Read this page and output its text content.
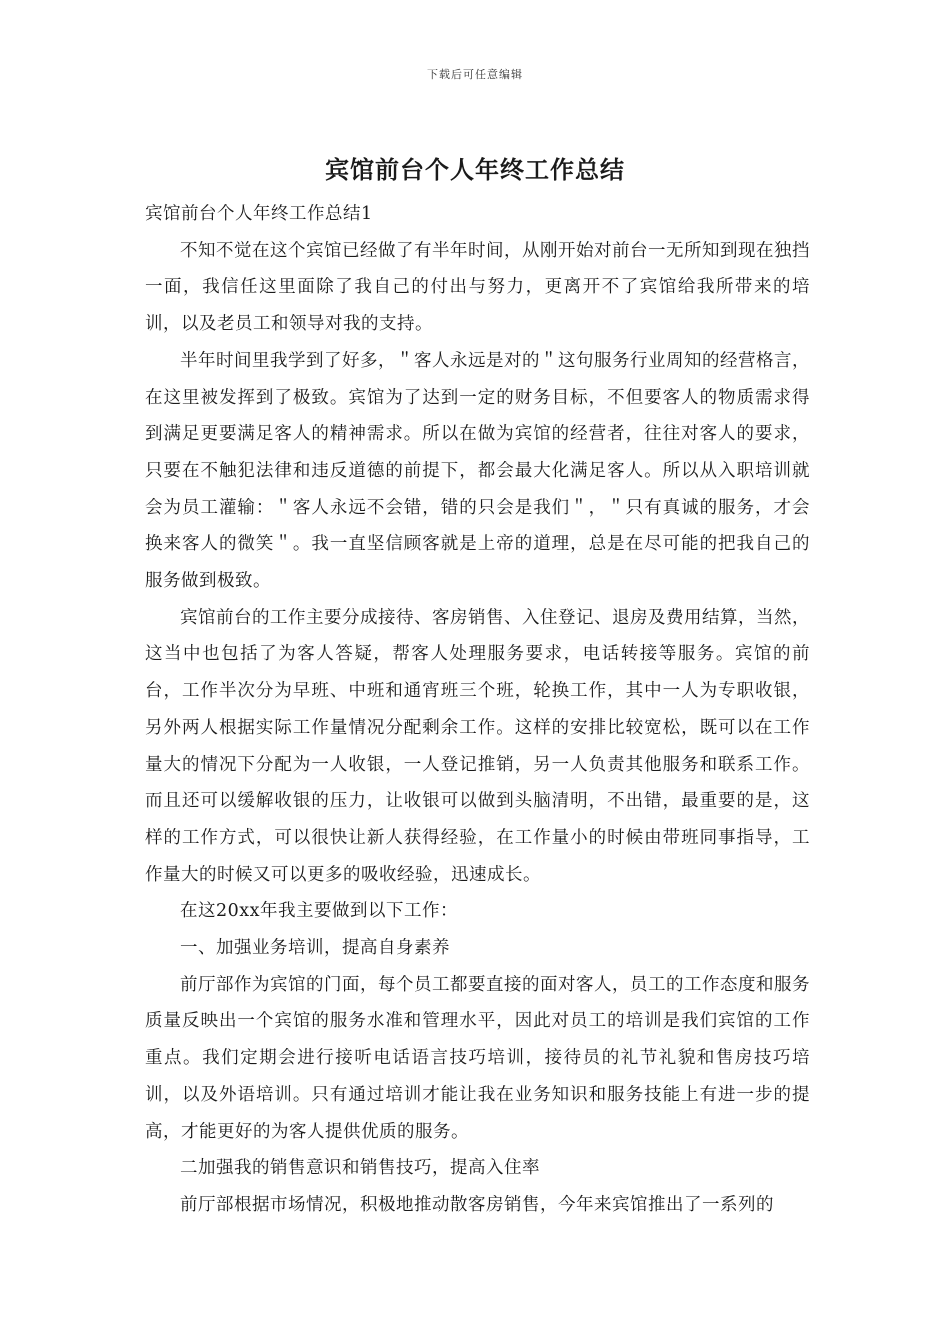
下载后可任意编辑
宾馆前台个人年终工作总结

宾馆前台个人年终工作总结1

不知不觉在这个宾馆已经做了有半年时间，从刚开始对前台一无所知到现在独挡一面，我信任这里面除了我自己的付出与努力，更离开不了宾馆给我所带来的培训，以及老员工和领导对我的支持。

半年时间里我学到了好多，＂客人永远是对的＂这句服务行业周知的经营格言，在这里被发挥到了极致。宾馆为了达到一定的财务目标，不但要客人的物质需求得到满足更要满足客人的精神需求。所以在做为宾馆的经营者，往往对客人的要求，只要在不触犯法律和违反道德的前提下，都会最大化满足客人。所以从入职培训就会为员工灌输：＂客人永远不会错，错的只会是我们＂，＂只有真诚的服务，才会换来客人的微笑＂。我一直坚信顾客就是上帝的道理，总是在尽可能的把我自己的服务做到极致。

宾馆前台的工作主要分成接待、客房销售、入住登记、退房及费用结算，当然，这当中也包括了为客人答疑，帮客人处理服务要求，电话转接等服务。宾馆的前台，工作半次分为早班、中班和通宵班三个班，轮换工作，其中一人为专职收银，另外两人根据实际工作量情况分配剩余工作。这样的安排比较宽松，既可以在工作量大的情况下分配为一人收银，一人登记推销，另一人负责其他服务和联系工作。而且还可以缓解收银的压力，让收银可以做到头脑清明，不出错，最重要的是，这样的工作方式，可以很快让新人获得经验，在工作量小的时候由带班同事指导，工作量大的时候又可以更多的吸收经验，迅速成长。

在这20xx年我主要做到以下工作：

一、加强业务培训，提高自身素养

前厅部作为宾馆的门面，每个员工都要直接的面对客人，员工的工作态度和服务质量反映出一个宾馆的服务水准和管理水平，因此对员工的培训是我们宾馆的工作重点。我们定期会进行接听电话语言技巧培训，接待员的礼节礼貌和售房技巧培训，以及外语培训。只有通过培训才能让我在业务知识和服务技能上有进一步的提高，才能更好的为客人提供优质的服务。

二加强我的销售意识和销售技巧，提高入住率

前厅部根据市场情况，积极地推动散客房销售，今年来宾馆推出了一系列的
